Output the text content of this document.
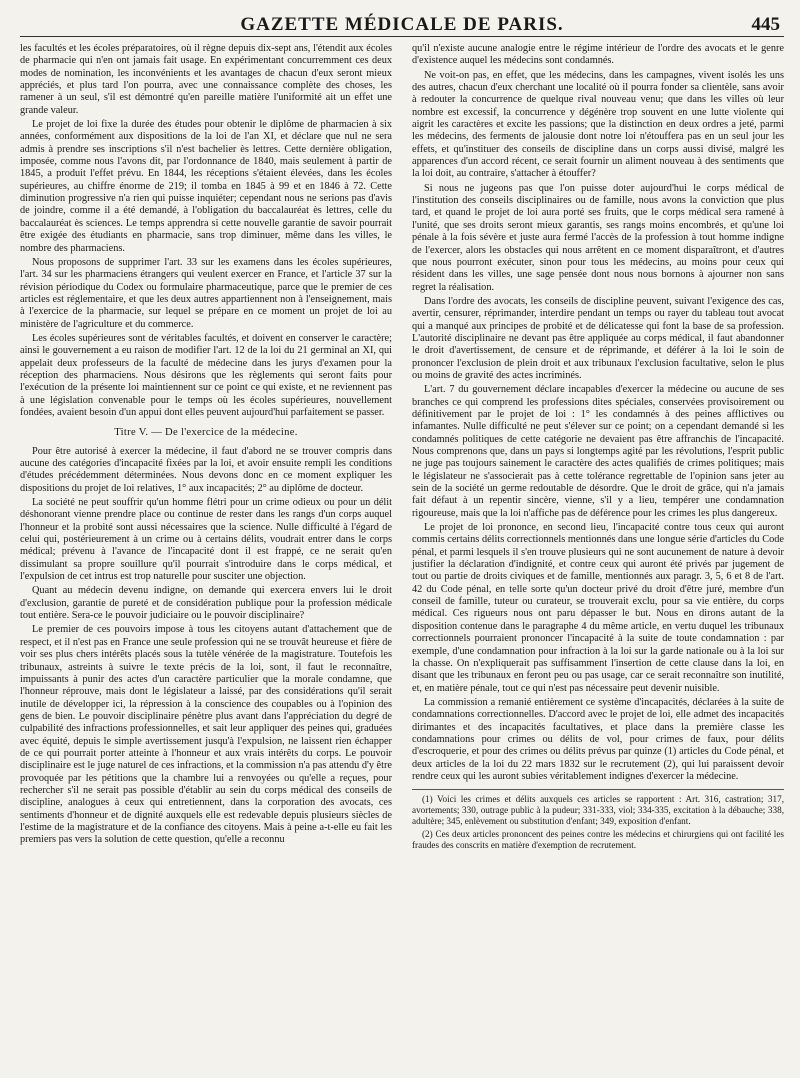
GAZETTE MÉDICALE DE PARIS.	445

les facultés et les écoles préparatoires, où il règne depuis dix-sept ans, l'étendit aux écoles de pharmacie qui n'en ont jamais fait usage. En expérimentant concurremment ces deux modes de nomination, les inconvénients et les avantages de chacun d'eux seront mieux appréciés, et plus tard l'on pourra, avec une connaissance complète des choses, les ramener à un seul, s'il est démontré qu'en pareille matière l'uniformité ait un effet une grande valeur.

Le projet de loi fixe la durée des études pour obtenir le diplôme de pharmacien à six années, conformément aux dispositions de la loi de l'an XI, et déclare que nul ne sera admis à prendre ses inscriptions s'il n'est bachelier ès lettres. Cette dernière obligation, imposée, comme nous l'avons dit, par l'ordonnance de 1840, mais seulement à partir de 1845, a produit l'effet prévu. En 1844, les réceptions s'étaient élevées, dans les écoles supérieures, au chiffre énorme de 219; il tomba en 1845 à 99 et en 1846 à 72. Cette diminution progressive n'a rien qui puisse inquiéter; cependant nous ne serions pas d'avis de joindre, comme il a été demandé, à l'obligation du baccalauréat ès lettres, celle du baccalauréat ès sciences. Le temps apprendra si cette nouvelle garantie de savoir pourrait être exigée des étudiants en pharmacie, sans trop diminuer, même dans les villes, le nombre des pharmaciens.

Nous proposons de supprimer l'art. 33 sur les examens dans les écoles supérieures, l'art. 34 sur les pharmaciens étrangers qui veulent exercer en France, et l'article 37 sur la révision périodique du Codex ou formulaire pharmaceutique, parce que le premier de ces articles est réglementaire, et que les deux autres appartiennent non à l'enseignement, mais à l'exercice de la pharmacie, sur lequel se prépare en ce moment un projet de loi au ministère de l'agriculture et du commerce.

Les écoles supérieures sont de véritables facultés, et doivent en conserver le caractère; ainsi le gouvernement a eu raison de modifier l'art. 12 de la loi du 21 germinal an XI, qui appelait deux professeurs de la faculté de médecine dans les jurys d'examen pour la réception des pharmaciens. Nous désirons que les règlements qui seront faits pour l'exécution de la présente loi maintiennent sur ce point ce qui existe, et ne reviennent pas à une législation convenable pour le temps où les écoles supérieures, nouvellement fondées, avaient besoin d'un appui dont elles peuvent aujourd'hui parfaitement se passer.

Titre V. — De l'exercice de la médecine.

Pour être autorisé à exercer la médecine, il faut d'abord ne se trouver compris dans aucune des catégories d'incapacité fixées par la loi, et avoir ensuite rempli les conditions d'études précédemment déterminées. Nous devons donc en ce moment expliquer les dispositions du projet de loi relatives, 1° aux incapacités; 2° au diplôme de docteur.

La société ne peut souffrir qu'un homme flétri pour un crime odieux ou pour un délit déshonorant vienne prendre place ou continue de rester dans les rangs d'un corps auquel l'honneur et la probité sont aussi nécessaires que la science. Nulle difficulté à l'égard de celui qui, postérieurement à un crime ou à certains délits, voudrait entrer dans le corps médical; prévenu à l'avance de l'incapacité dont il est frappé, ce ne serait qu'en dissimulant sa propre souillure qu'il pourrait s'introduire dans le corps médical, et l'expulsion de cet intrus est trop naturelle pour susciter une objection.

Quant au médecin devenu indigne, on demande qui exercera envers lui le droit d'exclusion, garantie de pureté et de considération publique pour la profession médicale tout entière. Sera-ce le pouvoir judiciaire ou le pouvoir disciplinaire?

Le premier de ces pouvoirs impose à tous les citoyens autant d'attachement que de respect, et il n'est pas en France une seule profession qui ne se trouvât heureuse et fière de voir ses plus chers intérêts placés sous la tutèle vénérée de la magistrature. Toutefois les tribunaux, astreints à suivre le texte précis de la loi, sont, il faut le reconnaître, impuissants à punir des actes d'un caractère particulier que la morale condamne, que l'honneur réprouve, mais dont le législateur a laissé, par des considérations qu'il serait inutile de développer ici, la répression à la conscience des coupables ou à l'opinion des gens de bien. Le pouvoir disciplinaire pénètre plus avant dans l'appréciation du degré de culpabilité des infractions professionnelles, et sait leur appliquer des peines qui, graduées avec équité, depuis le simple avertissement jusqu'à l'expulsion, ne laissent rien échapper de ce qui pourrait porter atteinte à l'honneur et aux vrais intérêts du corps. Le pouvoir disciplinaire est le juge naturel de ces infractions, et la commission n'a pas attendu d'y être provoquée par les pétitions que la chambre lui a renvoyées ou qu'elle a reçues, pour rechercher s'il ne serait pas possible d'établir au sein du corps médical des conseils de discipline, analogues à ceux qui entretiennent, dans la corporation des avocats, ces sentiments d'honneur et de dignité auxquels elle est redevable depuis plusieurs siècles de l'estime de la magistrature et de la confiance des citoyens. Mais à peine a-t-elle eu fait les premiers pas vers la solution de cette question, qu'elle a reconnu

qu'il n'existe aucune analogie entre le régime intérieur de l'ordre des avocats et le genre d'existence auquel les médecins sont condamnés.

Ne voit-on pas, en effet, que les médecins, dans les campagnes, vivent isolés les uns des autres, chacun d'eux cherchant une localité où il pourra fonder sa clientèle, sans avoir à redouter la concurrence de quelque rival nouveau venu; que dans les villes où leur nombre est excessif, la concurrence y dégénère trop souvent en une lutte violente qui aigrit les caractères et excite les passions; que la distinction en deux ordres a jeté, parmi les médecins, des ferments de jalousie dont notre loi n'étouffera pas en un seul jour les effets, et qu'instituer des conseils de discipline dans un corps aussi divisé, malgré les apparences d'un accord récent, ce serait fournir un aliment nouveau à des sentiments que la loi doit, au contraire, s'attacher à étouffer?

Si nous ne jugeons pas que l'on puisse doter aujourd'hui le corps médical de l'institution des conseils disciplinaires ou de famille, nous avons la conviction que plus tard, et quand le projet de loi aura porté ses fruits, que le corps médical sera ramené à l'unité, que ses droits seront mieux garantis, ses rangs moins encombrés, et qu'une loi pénale à la fois sévère et juste aura fermé l'accès de la profession à tout homme indigne de l'exercer, alors les obstacles qui nous arrêtent en ce moment disparaîtront, et d'autres que nous pourront exécuter, sinon pour tous les médecins, au moins pour ceux qui résident dans les villes, une sage pensée dont nous nous bornons à ajourner non sans regret la réalisation.

Dans l'ordre des avocats, les conseils de discipline peuvent, suivant l'exigence des cas, avertir, censurer, réprimander, interdire pendant un temps ou rayer du tableau tout avocat qui a manqué aux principes de probité et de délicatesse qui font la base de sa profession. L'autorité disciplinaire ne devant pas être appliquée au corps médical, il faut abandonner le droit d'avertissement, de censure et de réprimande, et déférer à la loi le soin de prononcer l'exclusion de plein droit et aux tribunaux l'exclusion facultative, selon le plus ou moins de gravité des actes incriminés.

L'art. 7 du gouvernement déclare incapables d'exercer la médecine ou aucune de ses branches ce qui comprend les professions dites spéciales, conservées provisoirement ou définitivement par le projet de loi : 1° les condamnés à des peines afflictives ou infamantes. Nulle difficulté ne peut s'élever sur ce point; on a cependant demandé si les condamnés politiques de cette catégorie ne devaient pas être affranchis de l'incapacité. Nous comprenons que, dans un pays si longtemps agité par les révolutions, l'esprit public ne juge pas toujours sainement le caractère des actes qualifiés de crimes politiques; mais le législateur ne s'associerait pas à cette tolérance regrettable de l'opinion sans jeter au sein de la société un germe redoutable de désordre. Que le droit de grâce, qui n'a jamais fait défaut à un repentir sincère, vienne, s'il y a lieu, tempérer une condamnation rigoureuse, mais que la loi n'affiche pas de déférence pour les crimes les plus dangereux.

Le projet de loi prononce, en second lieu, l'incapacité contre tous ceux qui auront commis certains délits correctionnels mentionnés dans une longue série d'articles du Code pénal, et parmi lesquels il s'en trouve plusieurs qui ne sont aucunement de nature à devoir justifier la déclaration d'indignité, et contre ceux qui auront été privés par jugement de tout ou partie de droits civiques et de famille, mentionnés aux paragr. 3, 5, 6 et 8 de l'art. 42 du Code pénal, en telle sorte qu'un docteur privé du droit d'être juré, membre d'un conseil de famille, tuteur ou curateur, se trouverait exclu, pour sa vie entière, du corps médical. Ces rigueurs nous ont paru dépasser le but. Nous en dirons autant de la disposition contenue dans le paragraphe 4 du même article, en vertu duquel les tribunaux correctionnels pourraient prononcer l'incapacité à la suite de toute condamnation : par exemple, d'une condamnation pour infraction à la loi sur la garde nationale ou à la loi sur la chasse. On n'expliquerait pas suffisamment l'insertion de cette clause dans la loi, en disant que les tribunaux en feront peu ou pas usage, car ce serait reconnaître son inutilité, et, en matière pénale, tout ce qui n'est pas nécessaire peut devenir nuisible.

La commission a remanié entièrement ce système d'incapacités, déclarées à la suite de condamnations correctionnelles. D'accord avec le projet de loi, elle admet des incapacités dirimantes et des incapacités facultatives, et place dans la première classe les condamnations pour crimes ou délits de vol, pour crimes de faux, pour délits d'escroquerie, et pour des crimes ou délits prévus par quinze (1) articles du Code pénal, et deux articles de la loi du 22 mars 1832 sur le recrutement (2), qui lui paraissent devoir rendre ceux qui les auront subies véritablement indignes d'exercer la médecine.

(1) Voici les crimes et délits auxquels ces articles se rapportent : Art. 316, castration; 317, avortements; 330, outrage public à la pudeur; 331-333, viol; 334-335, excitation à la débauche; 338, adultère; 345, enlèvement ou substitution d'enfant; 349, exposition d'enfant.

(2) Ces deux articles prononcent des peines contre les médecins et chirurgiens qui ont facilité les fraudes des conscrits en matière d'exemption de recrutement.
